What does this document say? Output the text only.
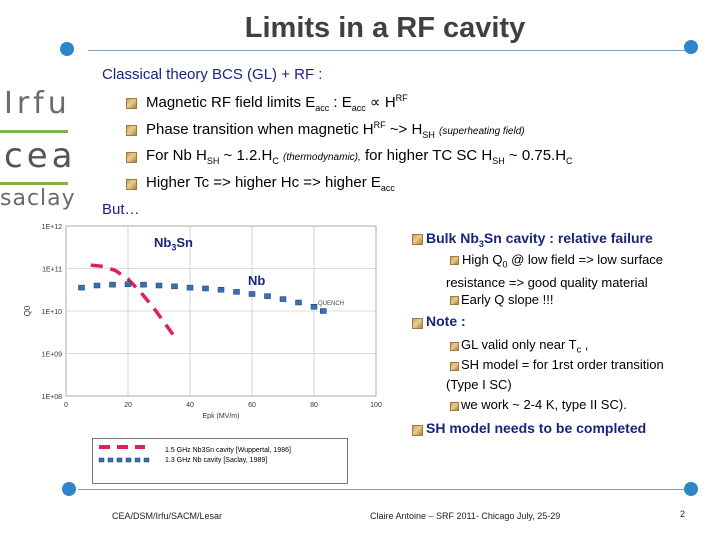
Limits in a RF cavity
Irfu
cea
saclay
Classical theory BCS (GL) + RF :
Magnetic RF field limits $E_{acc}$ : $E_{acc} \propto H^{RF}$
Phase transition when magnetic $H^{RF}$ ~> $H_{SH}$ (superheating field)
For Nb $H_{SH}$ ~ $1.2.H_C$ (thermodynamic), for higher TC SC $H_{SH}$ ~ $0.75.H_C$
Higher Tc => higher Hc => higher $E_{acc}$
But…
1E+08
1E+09
1E+10
1E+11
1E+12
0	20	40	60	80	100
Epk (MV/m)
Q0
$Nb_3Sn$
Nb
QUENCH
1.5 GHz Nb3Sn cavity [Wuppertal, 1986]
1.3 GHz Nb cavity [Saclay, 1989]
Bulk $Nb_3Sn$ cavity : relative failure
High $Q_0$ @ low field => low surface
resistance => good quality material
Early Q slope !!!
Note :
GL valid only near $T_c$ ,
SH model = for 1rst order transition
(Type I SC)
we work ~ 2-4 K, type II SC).
SH model needs to be completed
CEA/DSM/Irfu/SACM/Lesar	Claire Antoine – SRF 2011- Chicago July, 25-29	2
